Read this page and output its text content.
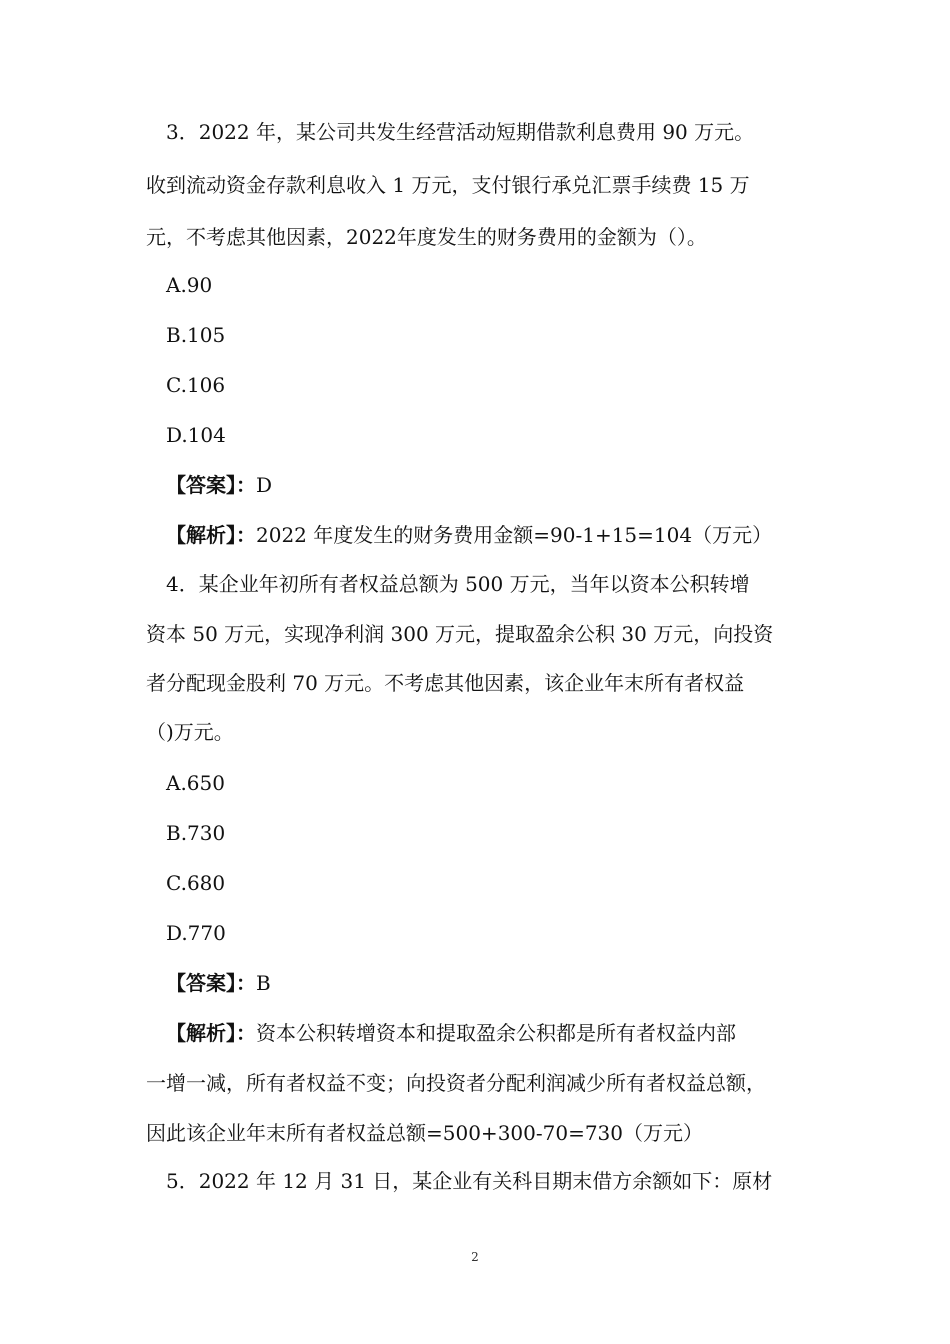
3．2022 年，某公司共发生经营活动短期借款利息费用 90 万元。
收到流动资金存款利息收入 1 万元，支付银行承兑汇票手续费 15 万
元，不考虑其他因素，2022年度发生的财务费用的金额为（）。
A.90
B.105
C.106
D.104
【答案】：D
【解析】：2022 年度发生的财务费用金额=90-1+15=104（万元）
4．某企业年初所有者权益总额为 500 万元，当年以资本公积转增
资本 50 万元，实现净利润 300 万元，提取盈余公积 30 万元，向投资
者分配现金股利 70 万元。不考虑其他因素，该企业年末所有者权益
（)万元。
A.650
B.730
C.680
D.770
【答案】：B
【解析】：资本公积转增资本和提取盈余公积都是所有者权益内部
一增一减，所有者权益不变；向投资者分配利润减少所有者权益总额，
因此该企业年末所有者权益总额=500+300-70=730（万元）
5．2022 年 12 月 31 日，某企业有关科目期末借方余额如下：原材
2
